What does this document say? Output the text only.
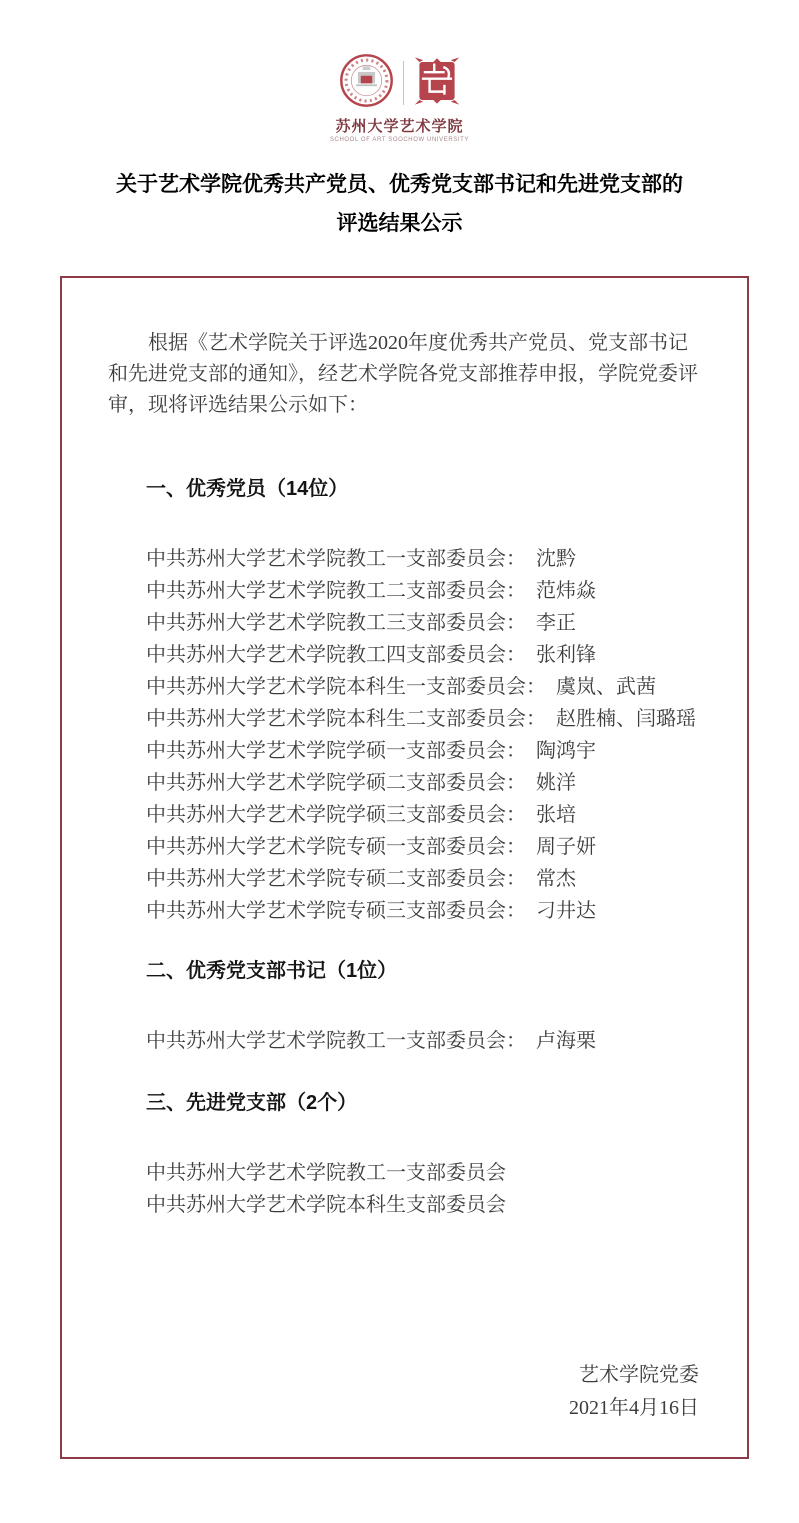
苏州大学艺术学院
SCHOOL OF ART SOOCHOW UNIVERSITY
关于艺术学院优秀共产党员、优秀党支部书记和先进党支部的
评选结果公示

根据《艺术学院关于评选2020年度优秀共产党员、党支部书记和先进党支部的通知》，经艺术学院各党支部推荐申报，学院党委评审，现将评选结果公示如下：

一、优秀党员（14位）
中共苏州大学艺术学院教工一支部委员会：　沈黔
中共苏州大学艺术学院教工二支部委员会：　范炜焱
中共苏州大学艺术学院教工三支部委员会：　李正
中共苏州大学艺术学院教工四支部委员会：　张利锋
中共苏州大学艺术学院本科生一支部委员会：　虞岚、武茜
中共苏州大学艺术学院本科生二支部委员会：　赵胜楠、闫璐瑶
中共苏州大学艺术学院学硕一支部委员会：　陶鸿宇
中共苏州大学艺术学院学硕二支部委员会：　姚洋
中共苏州大学艺术学院学硕三支部委员会：　张培
中共苏州大学艺术学院专硕一支部委员会：　周子妍
中共苏州大学艺术学院专硕二支部委员会：　常杰
中共苏州大学艺术学院专硕三支部委员会：　刁井达
二、优秀党支部书记（1位）
中共苏州大学艺术学院教工一支部委员会：　卢海栗
三、先进党支部（2个）
中共苏州大学艺术学院教工一支部委员会
中共苏州大学艺术学院本科生支部委员会
艺术学院党委
2021年4月16日
